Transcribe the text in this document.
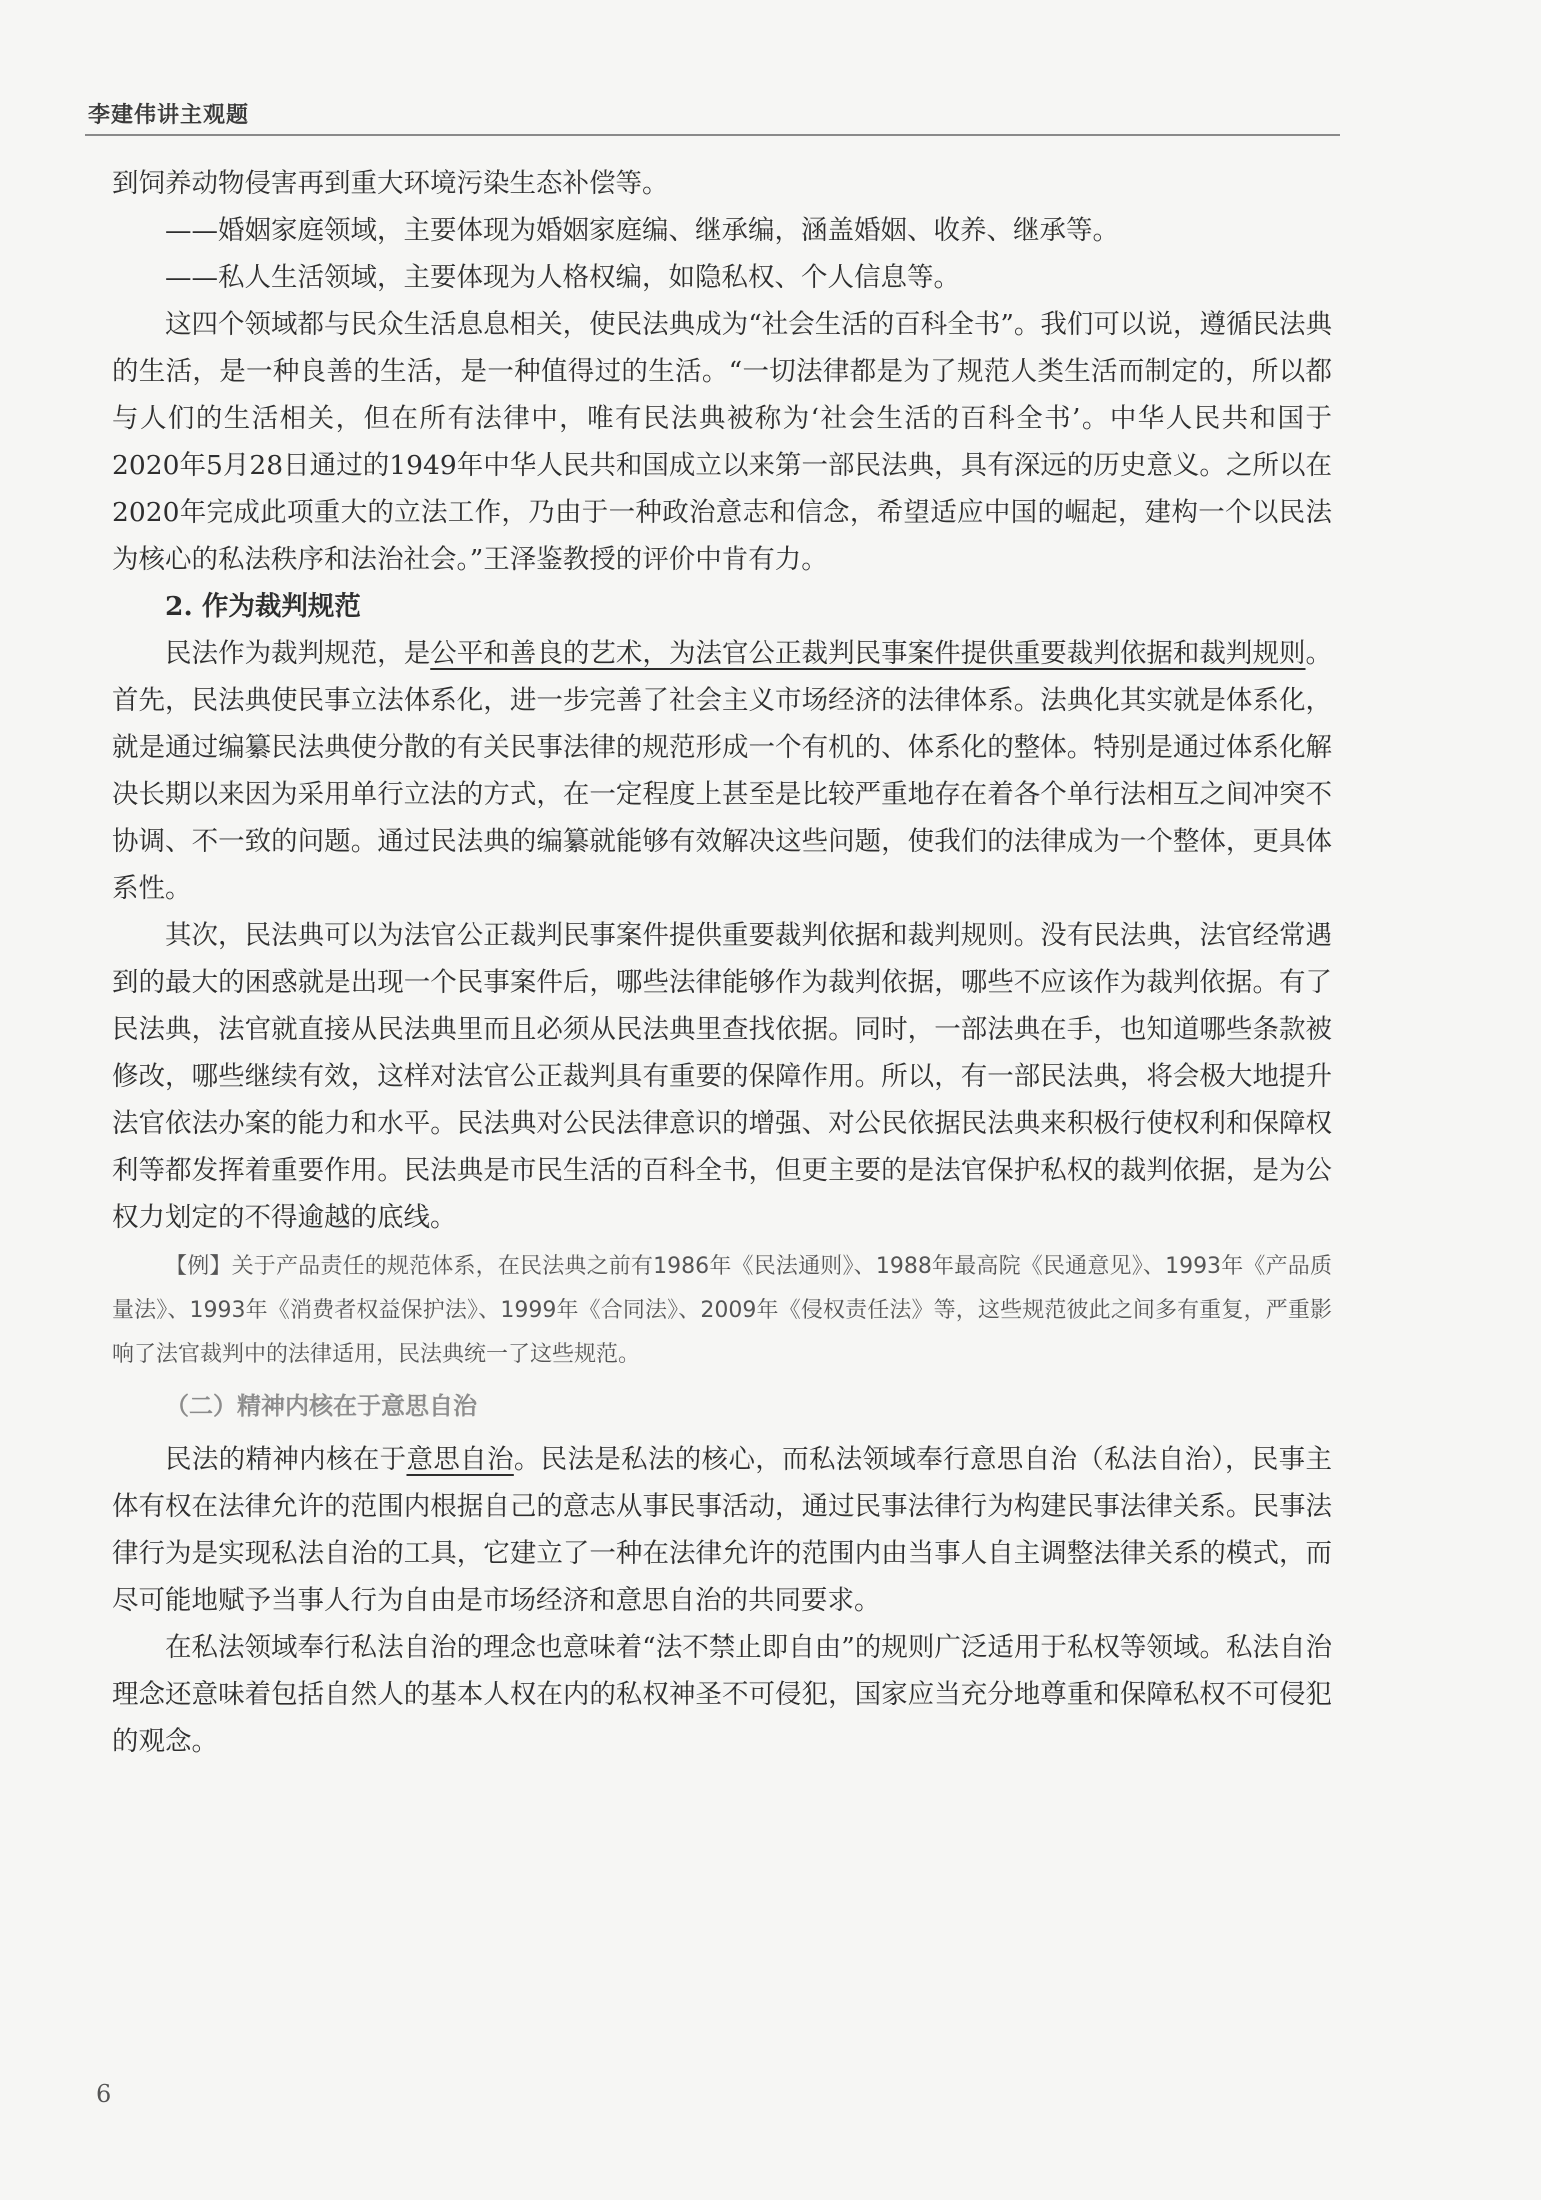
李建伟讲主观题

到饲养动物侵害再到重大环境污染生态补偿等。

——婚姻家庭领域，主要体现为婚姻家庭编、继承编，涵盖婚姻、收养、继承等。

——私人生活领域，主要体现为人格权编，如隐私权、个人信息等。

这四个领域都与民众生活息息相关，使民法典成为“社会生活的百科全书”。我们可以说，遵循民法典的生活，是一种良善的生活，是一种值得过的生活。“一切法律都是为了规范人类生活而制定的，所以都与人们的生活相关，但在所有法律中，唯有民法典被称为‘社会生活的百科全书’。中华人民共和国于2020年5月28日通过的1949年中华人民共和国成立以来第一部民法典，具有深远的历史意义。之所以在2020年完成此项重大的立法工作，乃由于一种政治意志和信念，希望适应中国的崛起，建构一个以民法为核心的私法秩序和法治社会。”王泽鉴教授的评价中肯有力。

2. 作为裁判规范

民法作为裁判规范，是公平和善良的艺术，为法官公正裁判民事案件提供重要裁判依据和裁判规则。首先，民法典使民事立法体系化，进一步完善了社会主义市场经济的法律体系。法典化其实就是体系化，就是通过编纂民法典使分散的有关民事法律的规范形成一个有机的、体系化的整体。特别是通过体系化解决长期以来因为采用单行立法的方式，在一定程度上甚至是比较严重地存在着各个单行法相互之间冲突不协调、不一致的问题。通过民法典的编纂就能够有效解决这些问题，使我们的法律成为一个整体，更具体系性。

其次，民法典可以为法官公正裁判民事案件提供重要裁判依据和裁判规则。没有民法典，法官经常遇到的最大的困惑就是出现一个民事案件后，哪些法律能够作为裁判依据，哪些不应该作为裁判依据。有了民法典，法官就直接从民法典里而且必须从民法典里查找依据。同时，一部法典在手，也知道哪些条款被修改，哪些继续有效，这样对法官公正裁判具有重要的保障作用。所以，有一部民法典，将会极大地提升法官依法办案的能力和水平。民法典对公民法律意识的增强、对公民依据民法典来积极行使权利和保障权利等都发挥着重要作用。民法典是市民生活的百科全书，但更主要的是法官保护私权的裁判依据，是为公权力划定的不得逾越的底线。

【例】关于产品责任的规范体系，在民法典之前有1986年《民法通则》、1988年最高院《民通意见》、1993年《产品质量法》、1993年《消费者权益保护法》、1999年《合同法》、2009年《侵权责任法》等，这些规范彼此之间多有重复，严重影响了法官裁判中的法律适用，民法典统一了这些规范。

（二）精神内核在于意思自治

民法的精神内核在于意思自治。民法是私法的核心，而私法领域奉行意思自治（私法自治），民事主体有权在法律允许的范围内根据自己的意志从事民事活动，通过民事法律行为构建民事法律关系。民事法律行为是实现私法自治的工具，它建立了一种在法律允许的范围内由当事人自主调整法律关系的模式，而尽可能地赋予当事人行为自由是市场经济和意思自治的共同要求。

在私法领域奉行私法自治的理念也意味着“法不禁止即自由”的规则广泛适用于私权等领域。私法自治理念还意味着包括自然人的基本人权在内的私权神圣不可侵犯，国家应当充分地尊重和保障私权不可侵犯的观念。

6
